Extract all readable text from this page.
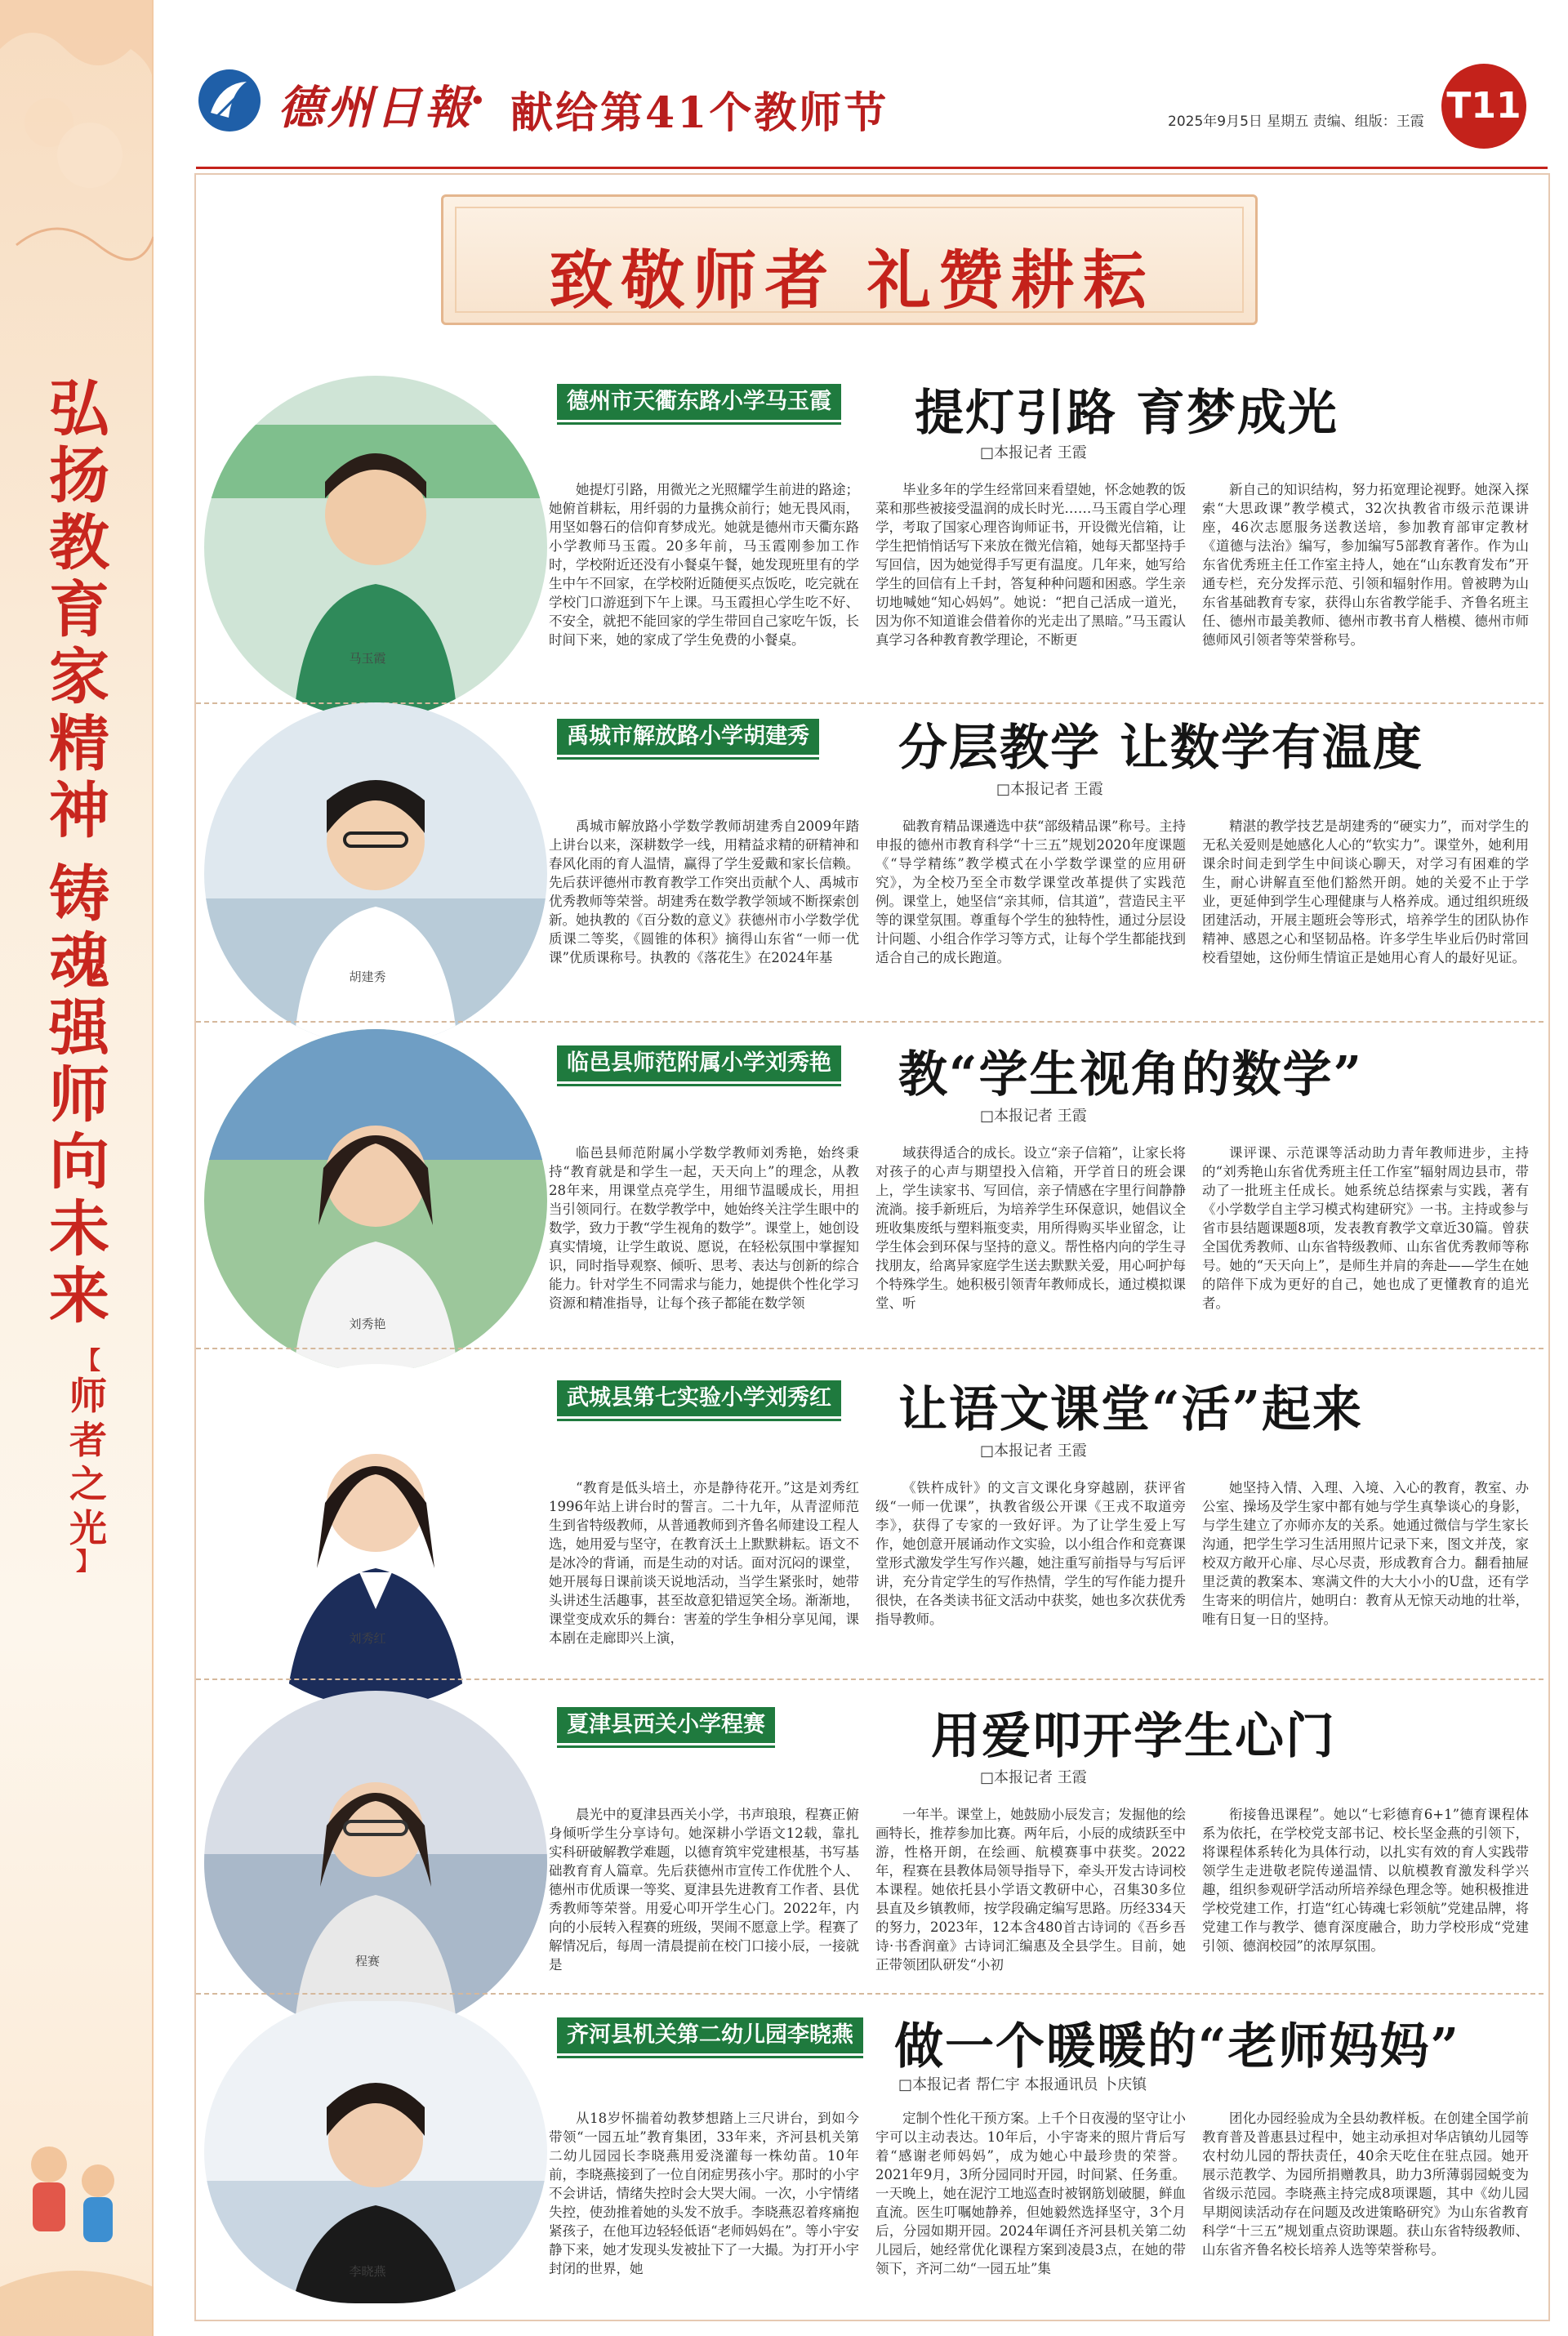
弘扬教育家精神
铸魂强师向未来
【
师者之光
】
德州日報
· 献给第41个教师节	2025年9月5日 星期五 责编、组版：王霞 T11
致敬师者 礼赞耕耘
马玉霞
德州市天衢东路小学马玉霞 提灯引路 育梦成光
□本报记者 王霞

她提灯引路，用微光之光照耀学生前进的路途；她俯首耕耘，用纤弱的力量携众前行；她无畏风雨，用坚如磐石的信仰育梦成光。她就是德州市天衢东路小学教师马玉霞。20多年前，马玉霞刚参加工作时，学校附近还没有小餐桌午餐，她发现班里有的学生中午不回家，在学校附近随便买点饭吃，吃完就在学校门口游逛到下午上课。马玉霞担心学生吃不好、不安全，就把不能回家的学生带回自己家吃午饭，长时间下来，她的家成了学生免费的小餐桌。

毕业多年的学生经常回来看望她，怀念她教的饭菜和那些被接受温润的成长时光……马玉霞自学心理学，考取了国家心理咨询师证书，开设微光信箱，让学生把悄悄话写下来放在微光信箱，她每天都坚持手写回信，因为她觉得手写更有温度。几年来，她写给学生的回信有上千封，答复种种问题和困惑。学生亲切地喊她“知心妈妈”。她说：“把自己活成一道光，因为你不知道谁会借着你的光走出了黑暗。”马玉霞认真学习各种教育教学理论，不断更

新自己的知识结构，努力拓宽理论视野。她深入探索“大思政课”教学模式，32次执教省市级示范课讲座，46次志愿服务送教送培，参加教育部审定教材《道德与法治》编写，参加编写5部教育著作。作为山东省优秀班主任工作室主持人，她在“山东教育发布”开通专栏，充分发挥示范、引领和辐射作用。曾被聘为山东省基础教育专家，获得山东省教学能手、齐鲁名班主任、德州市最美教师、德州市教书育人楷模、德州市师德师风引领者等荣誉称号。

胡建秀
禹城市解放路小学胡建秀 分层教学 让数学有温度
□本报记者 王霞

禹城市解放路小学数学教师胡建秀自2009年踏上讲台以来，深耕数学一线，用精益求精的研精神和春风化雨的育人温情，赢得了学生爱戴和家长信赖。先后获评德州市教育教学工作突出贡献个人、禹城市优秀教师等荣誉。胡建秀在数学教学领域不断探索创新。她执教的《百分数的意义》获德州市小学数学优质课二等奖，《圆锥的体积》摘得山东省“一师一优课”优质课称号。执教的《落花生》在2024年基

础教育精品课遴选中获“部级精品课”称号。主持申报的德州市教育科学“十三五”规划2020年度课题《“导学精练”教学模式在小学数学课堂的应用研究》，为全校乃至全市数学课堂改革提供了实践范例。课堂上，她坚信“亲其师，信其道”，营造民主平等的课堂氛围。尊重每个学生的独特性，通过分层设计问题、小组合作学习等方式，让每个学生都能找到适合自己的成长跑道。

精湛的教学技艺是胡建秀的“硬实力”，而对学生的无私关爱则是她感化人心的“软实力”。课堂外，她利用课余时间走到学生中间谈心聊天，对学习有困难的学生，耐心讲解直至他们豁然开朗。她的关爱不止于学业，更延伸到学生心理健康与人格养成。通过组织班级团建活动，开展主题班会等形式，培养学生的团队协作精神、感恩之心和坚韧品格。许多学生毕业后仍时常回校看望她，这份师生情谊正是她用心育人的最好见证。

刘秀艳
临邑县师范附属小学刘秀艳 教“学生视角的数学”
□本报记者 王霞

临邑县师范附属小学数学教师刘秀艳，始终秉持“教育就是和学生一起，天天向上”的理念，从教28年来，用课堂点亮学生，用细节温暖成长，用担当引领同行。在数学教学中，她始终关注学生眼中的数学，致力于教“学生视角的数学”。课堂上，她创设真实情境，让学生敢说、愿说，在轻松氛围中掌握知识，同时指导观察、倾听、思考、表达与创新的综合能力。针对学生不同需求与能力，她提供个性化学习资源和精准指导，让每个孩子都能在数学领

域获得适合的成长。设立“亲子信箱”，让家长将对孩子的心声与期望投入信箱，开学首日的班会课上，学生读家书、写回信，亲子情感在字里行间静静流淌。接手新班后，为培养学生环保意识，她倡议全班收集废纸与塑料瓶变卖，用所得购买毕业留念，让学生体会到环保与坚持的意义。帮性格内向的学生寻找朋友，给离异家庭学生送去默默关爱，用心呵护每个特殊学生。她积极引领青年教师成长，通过模拟课堂、听

课评课、示范课等活动助力青年教师进步，主持的“刘秀艳山东省优秀班主任工作室”辐射周边县市，带动了一批班主任成长。她系统总结探索与实践，著有《小学数学自主学习模式构建研究》一书。主持或参与省市县结题课题8项，发表教育教学文章近30篇。曾获全国优秀教师、山东省特级教师、山东省优秀教师等称号。她的“天天向上”，是师生并肩的奔赴——学生在她的陪伴下成为更好的自己，她也成了更懂教育的追光者。

刘秀红
武城县第七实验小学刘秀红 让语文课堂“活”起来
□本报记者 王霞

“教育是低头培土，亦是静待花开。”这是刘秀红1996年站上讲台时的誓言。二十九年，从青涩师范生到省特级教师，从普通教师到齐鲁名师建设工程人选，她用爱与坚守，在教育沃土上默默耕耘。语文不是冰冷的背诵，而是生动的对话。面对沉闷的课堂，她开展每日课前谈天说地活动，当学生紧张时，她带头讲述生活趣事，甚至故意犯错逗笑全场。渐渐地，课堂变成欢乐的舞台：害羞的学生争相分享见闻，课本剧在走廊即兴上演，

《铁杵成针》的文言文课化身穿越剧，获评省级“一师一优课”，执教省级公开课《王戎不取道旁李》，获得了专家的一致好评。为了让学生爱上写作，她创意开展诵动作文实验，以小组合作和竞赛课堂形式激发学生写作兴趣，她注重写前指导与写后评讲，充分肯定学生的写作热情，学生的写作能力提升很快，在各类读书征文活动中获奖，她也多次获优秀指导教师。

她坚持入情、入理、入境、入心的教育，教室、办公室、操场及学生家中都有她与学生真挚谈心的身影，与学生建立了亦师亦友的关系。她通过微信与学生家长沟通，把学生学习生活用照片记录下来，图文并茂，家校双方敞开心扉、尽心尽责，形成教育合力。翻看抽屉里泛黄的教案本、寒满文件的大大小小的U盘，还有学生寄来的明信片，她明白：教育从无惊天动地的壮举，唯有日复一日的坚持。

程赛
夏津县西关小学程赛	用爱叩开学生心门
□本报记者 王霞

晨光中的夏津县西关小学，书声琅琅，程赛正俯身倾听学生分享诗句。她深耕小学语文12载，靠扎实科研破解教学难题，以德育筑牢党建根基，书写基础教育育人篇章。先后获德州市宣传工作优胜个人、德州市优质课一等奖、夏津县先进教育工作者、县优秀教师等荣誉。用爱心叩开学生心门。2022年，内向的小辰转入程赛的班级，哭闹不愿意上学。程赛了解情况后，每周一清晨提前在校门口接小辰，一接就是

一年半。课堂上，她鼓励小辰发言；发掘他的绘画特长，推荐参加比赛。两年后，小辰的成绩跃至中游，性格开朗，在绘画、航模赛事中获奖。2022年，程赛在县教体局领导指导下，牵头开发古诗词校本课程。她依托县小学语文教研中心，召集30多位县直及乡镇教师，按学段确定编写思路。历经334天的努力，2023年，12本含480首古诗词的《吾乡吾诗·书香润童》古诗词汇编惠及全县学生。目前，她正带领团队研发“小初

衔接鲁迅课程”。她以“七彩德育6+1”德育课程体系为依托，在学校党支部书记、校长坚金燕的引领下，将课程体系转化为具体行动，以扎实有效的育人实践带领学生走进敬老院传递温情、以航模教育激发科学兴趣，组织参观研学活动所培养绿色理念等。她积极推进学校党建工作，打造“红心铸魂七彩领航”党建品牌，将党建工作与教学、德育深度融合，助力学校形成“党建引领、德润校园”的浓厚氛围。

李晓燕
齐河县机关第二幼儿园李晓燕 做一个暖暖的“老师妈妈”
□本报记者 帮仁宇 本报通讯员 卜庆镇

从18岁怀揣着幼教梦想踏上三尺讲台，到如今带领“一园五址”教育集团，33年来，齐河县机关第二幼儿园园长李晓燕用爱浇灌每一株幼苗。10年前，李晓燕接到了一位自闭症男孩小宇。那时的小宇不会讲话，情绪失控时会大哭大闹。一次，小宇情绪失控，使劲推着她的头发不放手。李晓燕忍着疼痛抱紧孩子，在他耳边轻轻低语“老师妈妈在”。等小宇安静下来，她才发现头发被扯下了一大撮。为打开小宇封闭的世界，她

定制个性化干预方案。上千个日夜漫的坚守让小宇可以主动表达。10年后，小宇寄来的照片背后写着“感谢老师妈妈”，成为她心中最珍贵的荣誉。2021年9月，3所分园同时开园，时间紧、任务重。一天晚上，她在泥泞工地巡查时被钢筋划破腿，鲜血直流。医生叮嘱她静养，但她毅然选择坚守，3个月后，分园如期开园。2024年调任齐河县机关第二幼儿园后，她经常优化课程方案到凌晨3点，在她的带领下，齐河二幼“一园五址”集

团化办园经验成为全县幼教样板。在创建全国学前教育普及普惠县过程中，她主动承担对华店镇幼儿园等农村幼儿园的帮扶责任，40余天吃住在驻点园。她开展示范教学、为园所捐赠教具，助力3所薄弱园蜕变为省级示范园。李晓燕主持完成8项课题，其中《幼儿园早期阅读活动存在问题及改进策略研究》为山东省教育科学“十三五”规划重点资助课题。获山东省特级教师、山东省齐鲁名校长培养人选等荣誉称号。
